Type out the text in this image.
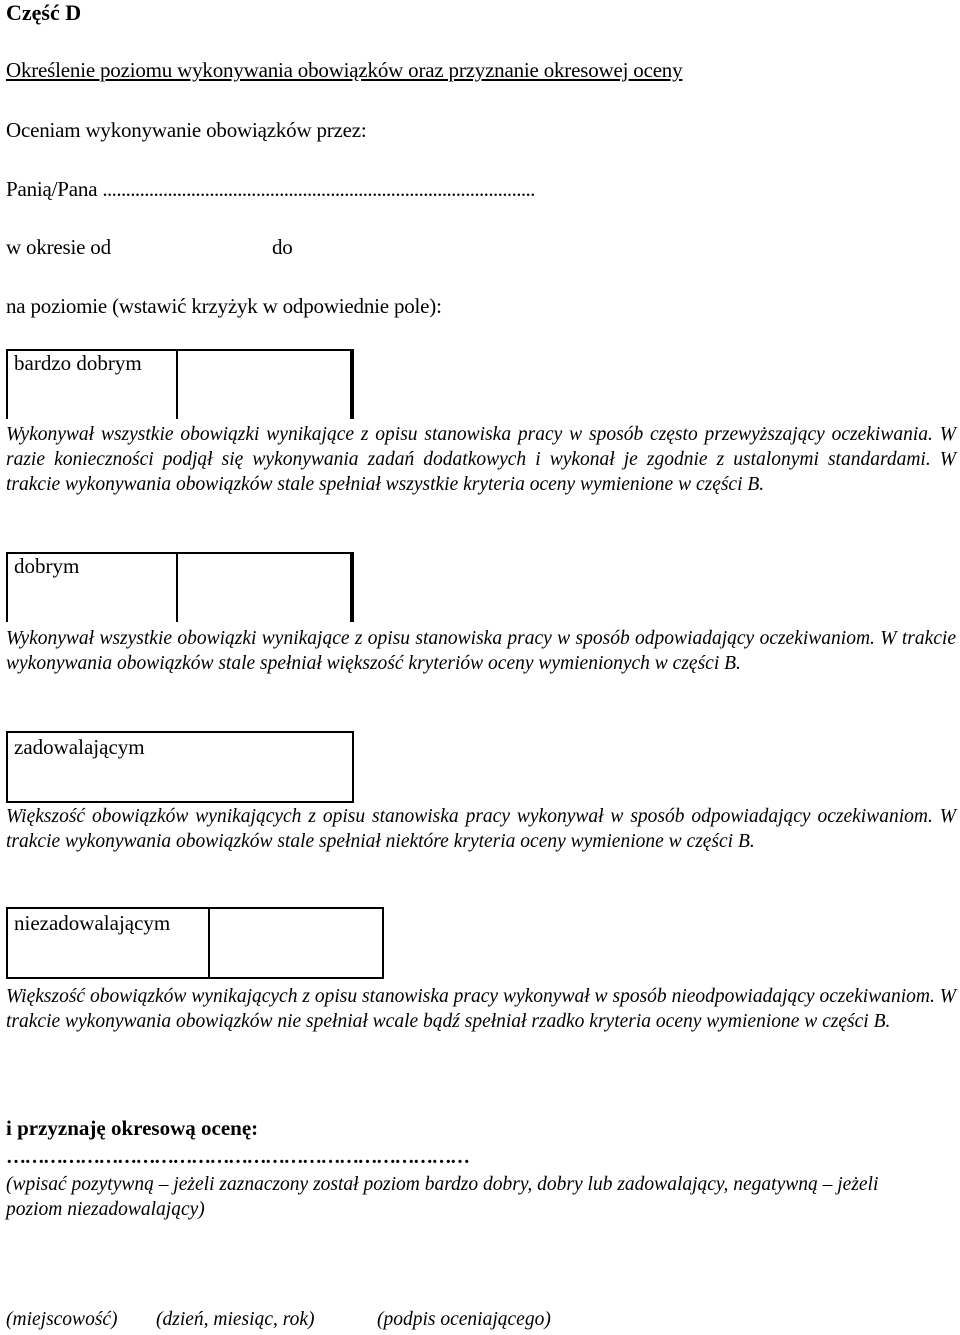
Część D
Określenie poziomu wykonywania obowiązków oraz przyznanie okresowej oceny
Oceniam wykonywanie obowiązków przez:
Panią/Pana .............................................................................................
w okresie od	do
na poziomie (wstawić krzyżyk w odpowiednie pole):
bardzo dobrym
Wykonywał wszystkie obowiązki wynikające z opisu stanowiska pracy w sposób często przewyższający oczekiwania. W razie konieczności podjął się wykonywania zadań dodatkowych i wykonał je zgodnie z ustalonymi standardami. W trakcie wykonywania obowiązków stale spełniał wszystkie kryteria oceny wymienione w części B.
dobrym
Wykonywał wszystkie obowiązki wynikające z opisu stanowiska pracy w sposób odpowiadający oczekiwaniom. W trakcie wykonywania obowiązków stale spełniał większość kryteriów oceny wymienionych w części B.
zadowalającym
Większość obowiązków wynikających z opisu stanowiska pracy wykonywał w sposób odpowiadający oczekiwaniom. W trakcie wykonywania obowiązków stale spełniał niektóre kryteria oceny wymienione w części B.
niezadowalającym
Większość obowiązków wynikających z opisu stanowiska pracy wykonywał w sposób nieodpowiadający oczekiwaniom. W trakcie wykonywania obowiązków nie spełniał wcale bądź spełniał rzadko kryteria oceny wymienione w części B.
i przyznaję okresową ocenę:
…………………………………………………………………
(wpisać pozytywną – jeżeli zaznaczony został poziom bardzo dobry, dobry lub zadowalający, negatywną – jeżeli poziom niezadowalający)
(miejscowość) (dzień, miesiąc, rok)	(podpis oceniającego)
